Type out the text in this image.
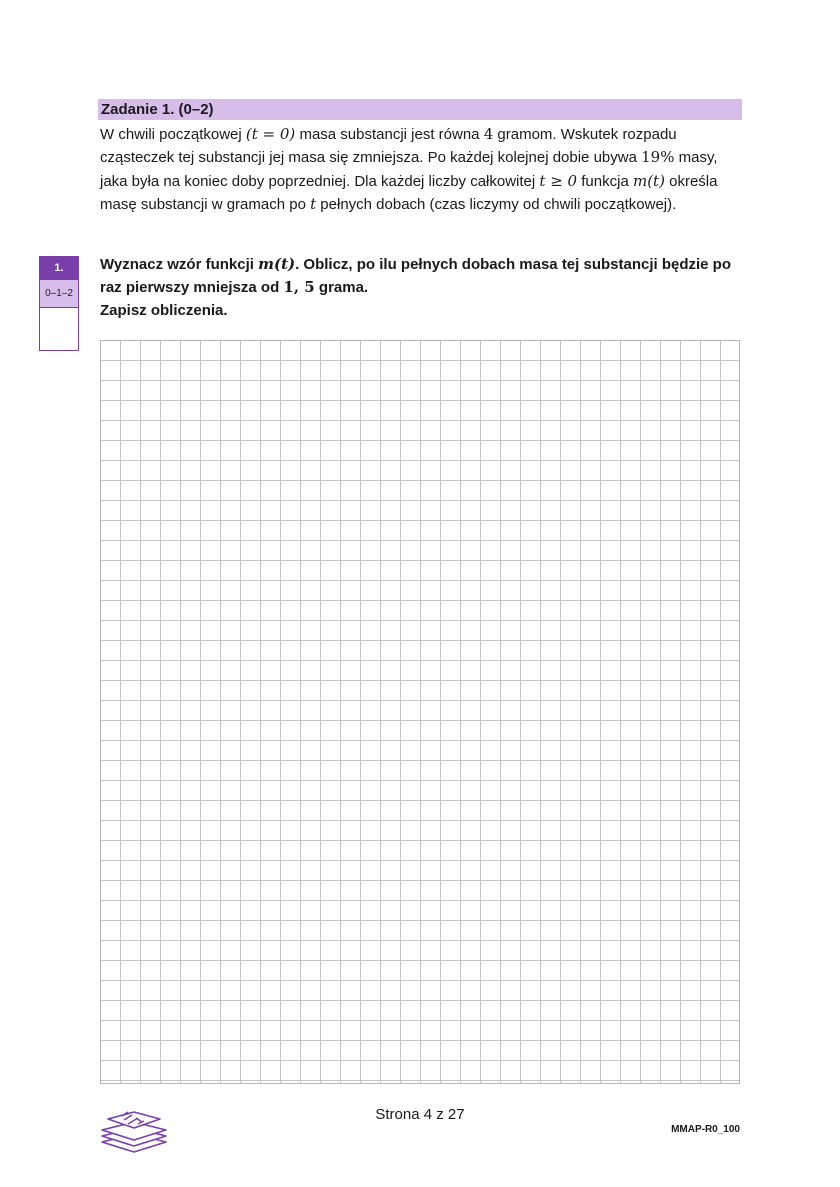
Zadanie 1. (0–2)
W chwili początkowej (t = 0) masa substancji jest równa 4 gramom. Wskutek rozpadu cząsteczek tej substancji jej masa się zmniejsza. Po każdej kolejnej dobie ubywa 19% masy, jaka była na koniec doby poprzedniej. Dla każdej liczby całkowitej t ≥ 0 funkcja m(t) określa masę substancji w gramach po t pełnych dobach (czas liczymy od chwili początkowej).
1.
0–1–2
Wyznacz wzór funkcji m(t). Oblicz, po ilu pełnych dobach masa tej substancji będzie po raz pierwszy mniejsza od 1, 5 grama.
Zapisz obliczenia.
Strona 4 z 27
MMAP-R0_100
